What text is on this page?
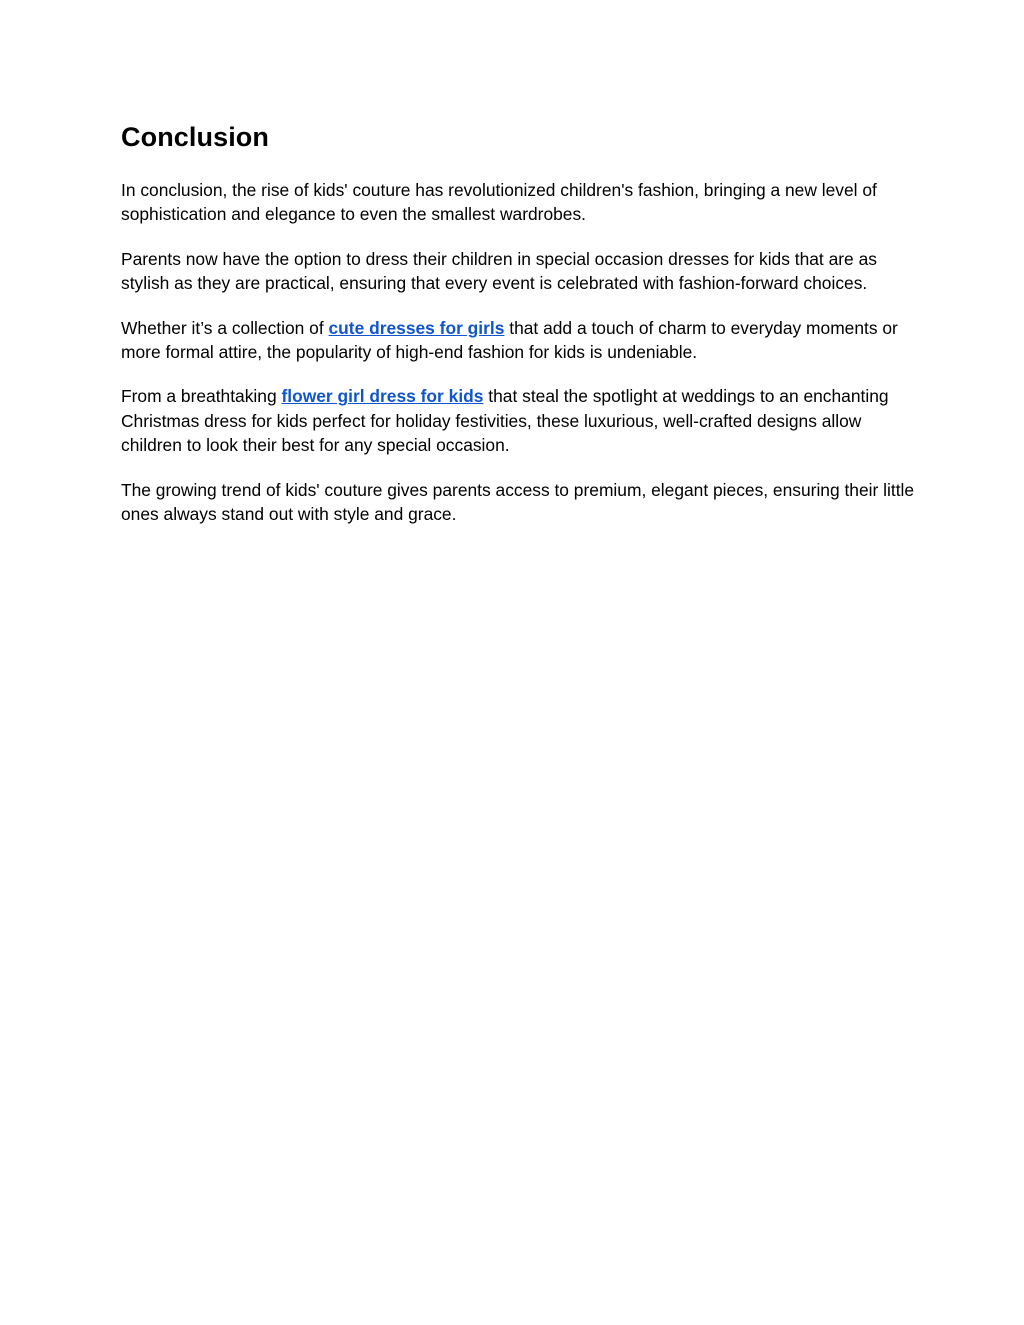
Conclusion

In conclusion, the rise of kids' couture has revolutionized children's fashion, bringing a new level of sophistication and elegance to even the smallest wardrobes.

Parents now have the option to dress their children in special occasion dresses for kids that are as stylish as they are practical, ensuring that every event is celebrated with fashion-forward choices.

Whether it’s a collection of cute dresses for girls that add a touch of charm to everyday moments or more formal attire, the popularity of high-end fashion for kids is undeniable.

From a breathtaking flower girl dress for kids that steal the spotlight at weddings to an enchanting Christmas dress for kids perfect for holiday festivities, these luxurious, well-crafted designs allow children to look their best for any special occasion.

The growing trend of kids' couture gives parents access to premium, elegant pieces, ensuring their little ones always stand out with style and grace.
